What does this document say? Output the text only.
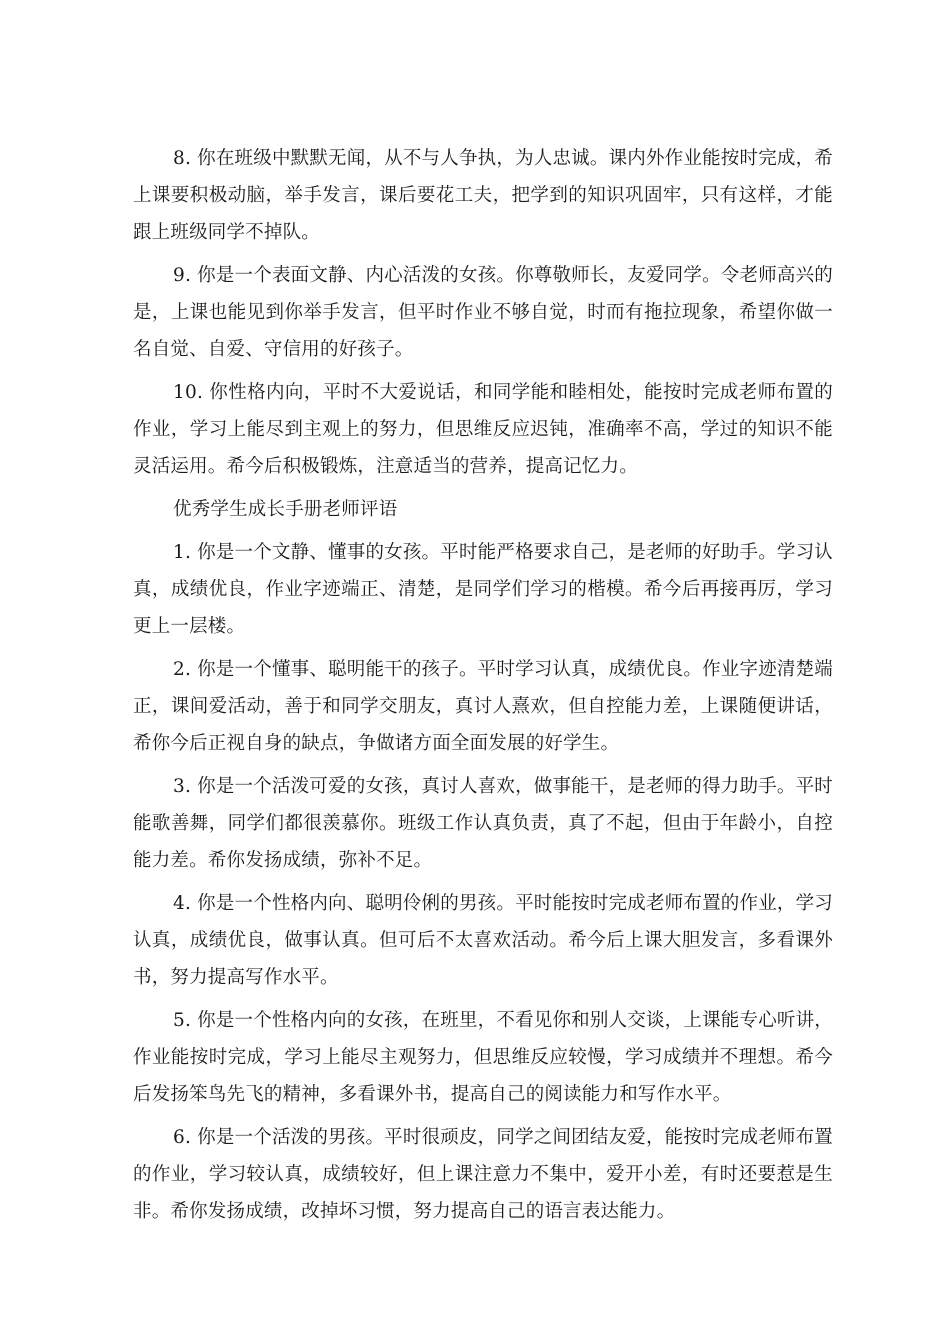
8. 你在班级中默默无闻，从不与人争执，为人忠诚。课内外作业能按时完成，希上课要积极动脑，举手发言，课后要花工夫，把学到的知识巩固牢，只有这样，才能跟上班级同学不掉队。

9. 你是一个表面文静、内心活泼的女孩。你尊敬师长，友爱同学。令老师高兴的是，上课也能见到你举手发言，但平时作业不够自觉，时而有拖拉现象，希望你做一名自觉、自爱、守信用的好孩子。

10. 你性格内向，平时不大爱说话，和同学能和睦相处，能按时完成老师布置的作业，学习上能尽到主观上的努力，但思维反应迟钝，准确率不高，学过的知识不能灵活运用。希今后积极锻炼，注意适当的营养，提高记忆力。

优秀学生成长手册老师评语

1. 你是一个文静、懂事的女孩。平时能严格要求自己，是老师的好助手。学习认真，成绩优良，作业字迹端正、清楚，是同学们学习的楷模。希今后再接再厉，学习更上一层楼。

2. 你是一个懂事、聪明能干的孩子。平时学习认真，成绩优良。作业字迹清楚端正，课间爱活动，善于和同学交朋友，真讨人熹欢，但自控能力差，上课随便讲话，希你今后正视自身的缺点，争做诸方面全面发展的好学生。

3. 你是一个活泼可爱的女孩，真讨人喜欢，做事能干，是老师的得力助手。平时能歌善舞，同学们都很羡慕你。班级工作认真负责，真了不起，但由于年龄小，自控能力差。希你发扬成绩，弥补不足。

4. 你是一个性格内向、聪明伶俐的男孩。平时能按时完成老师布置的作业，学习认真，成绩优良，做事认真。但可后不太喜欢活动。希今后上课大胆发言，多看课外书，努力提高写作水平。

5. 你是一个性格内向的女孩，在班里，不看见你和别人交谈，上课能专心听讲，作业能按时完成，学习上能尽主观努力，但思维反应较慢，学习成绩并不理想。希今后发扬笨鸟先飞的精神，多看课外书，提高自己的阅读能力和写作水平。

6. 你是一个活泼的男孩。平时很顽皮，同学之间团结友爱，能按时完成老师布置的作业，学习较认真，成绩较好，但上课注意力不集中，爱开小差，有时还要惹是生非。希你发扬成绩，改掉坏习惯，努力提高自己的语言表达能力。
